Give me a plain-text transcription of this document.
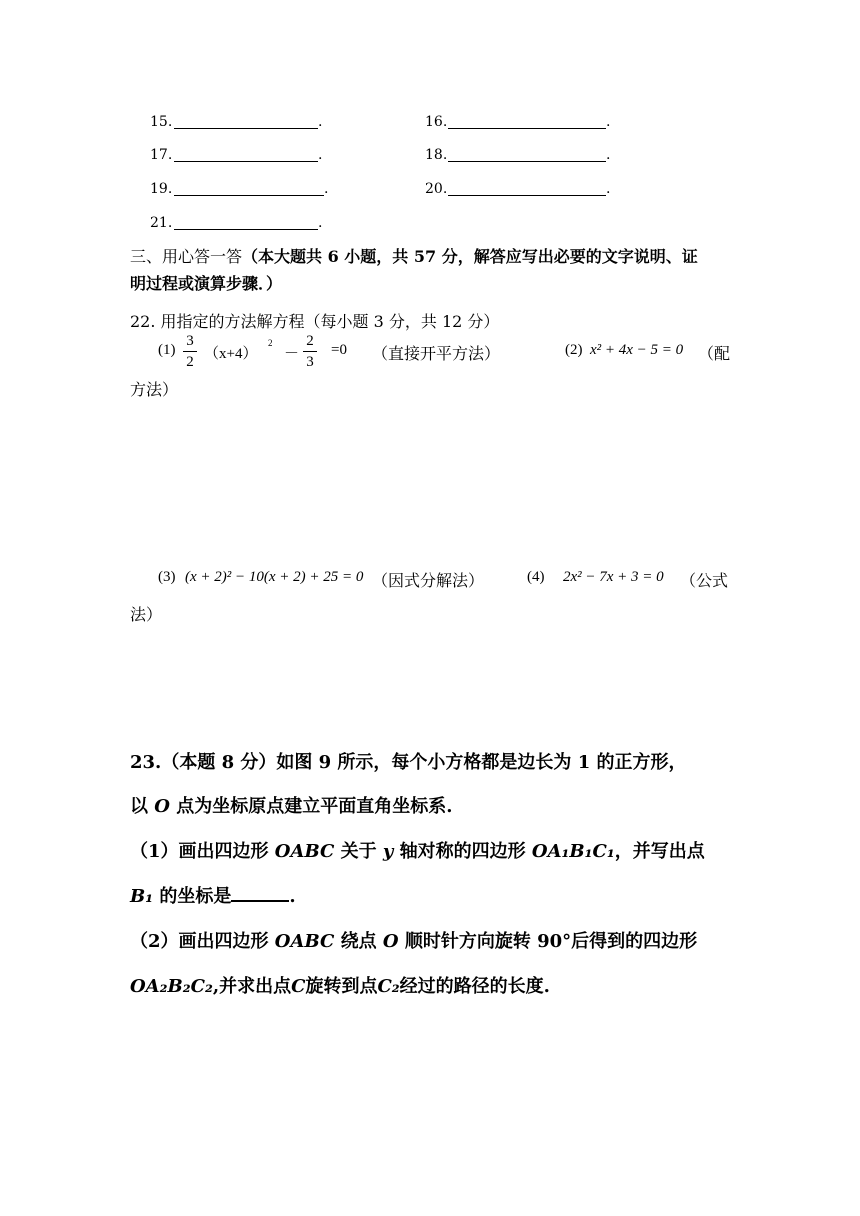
15.	.	16.	.
17.	.	18.	.
19.	.	20.	.
21.	.
三、用心答一答（本大题共 6 小题，共 57 分，解答应写出必要的文字说明、证
明过程或演算步骤．）
22. 用指定的方法解方程（每小题 3 分，共 12 分）
(1)
3
2 （x+4）
2
－
2
3
=0 （直接开平方法）	(2) x² + 4x − 5 = 0 （配
方法）
(3) (x + 2)² − 10(x + 2) + 25 = 0 （因式分解法）	(4) 2x² − 7x + 3 = 0 （公式
法）
23.（本题 8 分）如图 9 所示，每个小方格都是边长为 1 的正方形，
以 O 点为坐标原点建立平面直角坐标系.
（1）画出四边形 OABC 关于 y 轴对称的四边形 OA₁B₁C₁，并写出点
B₁ 的坐标是	.
（2）画出四边形 OABC 绕点 O 顺时针方向旋转 90°后得到的四边形
OA₂B₂C₂,并求出点C旋转到点C₂经过的路径的长度.
